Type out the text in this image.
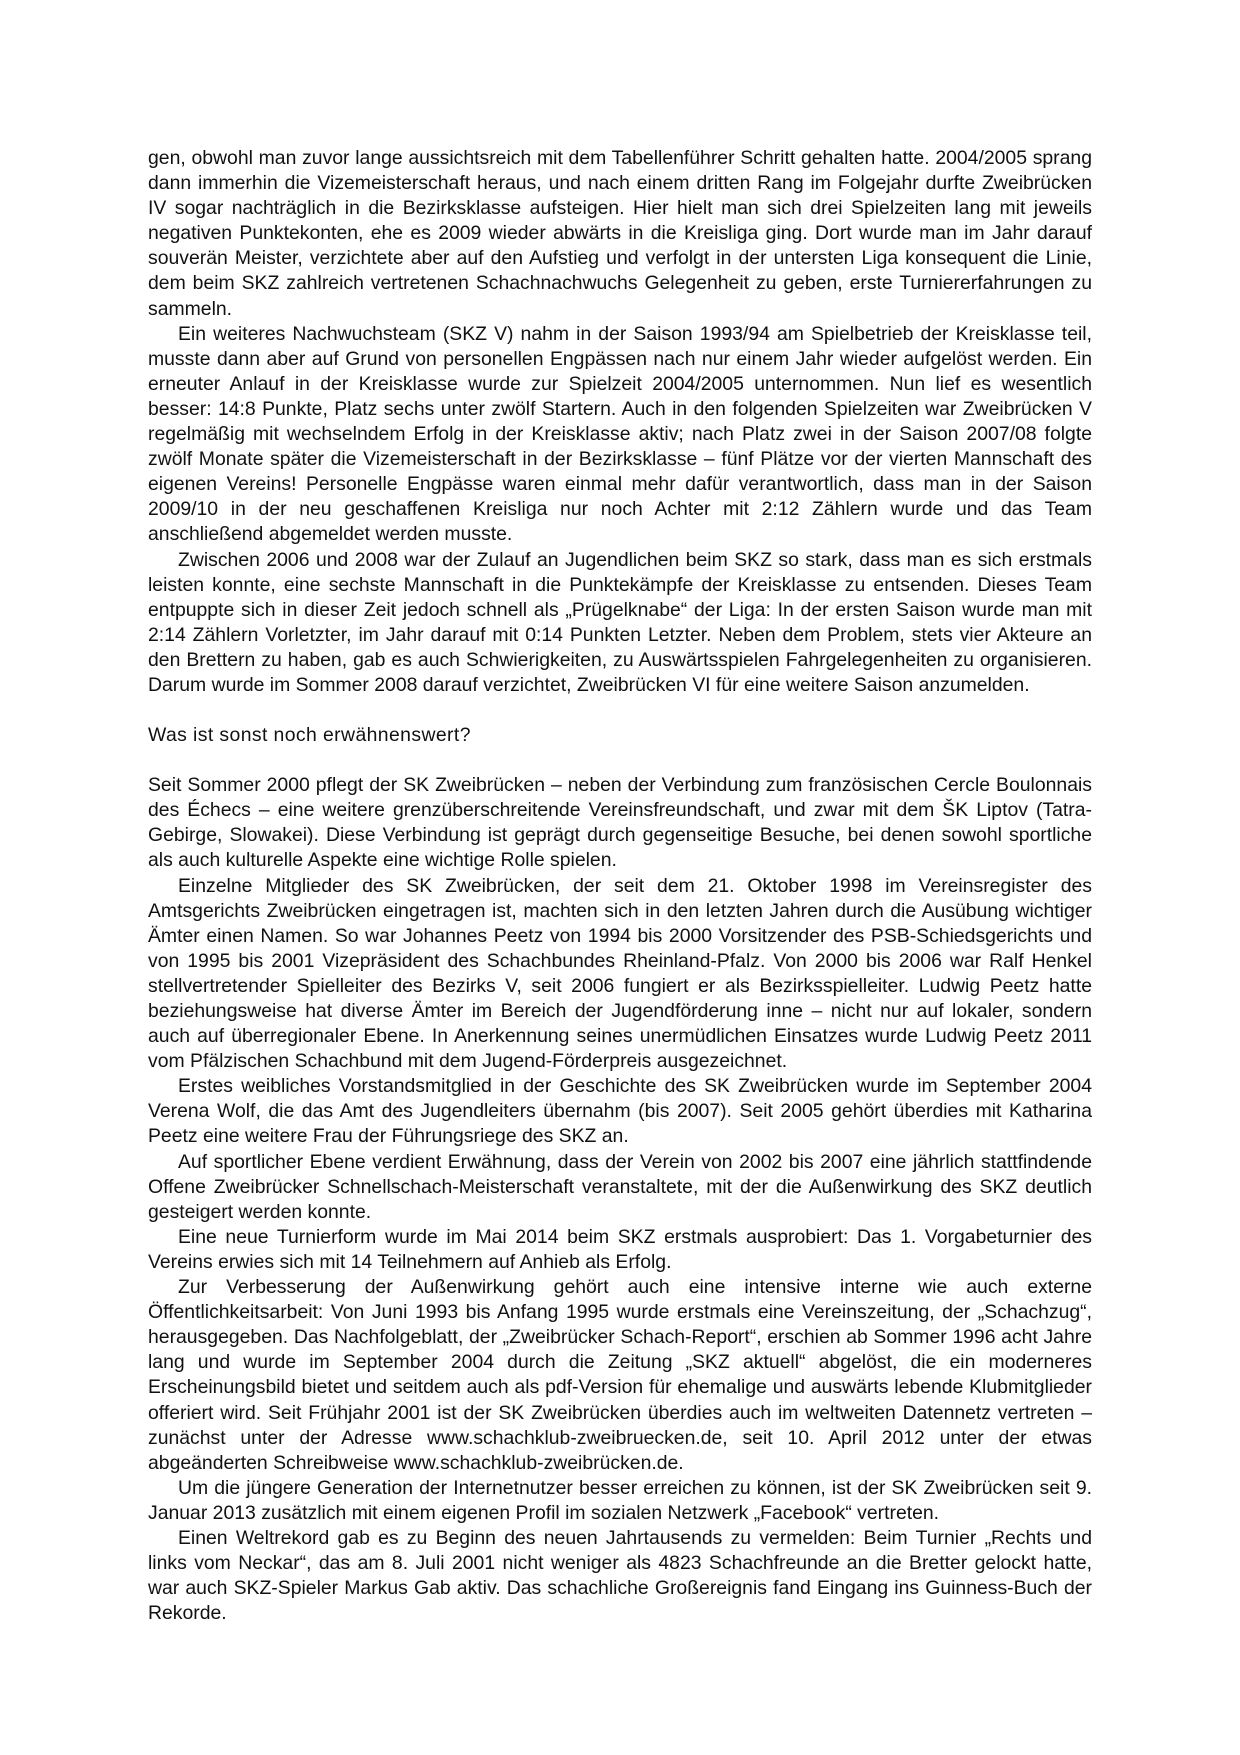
gen, obwohl man zuvor lange aussichtsreich mit dem Tabellenführer Schritt gehalten hatte. 2004/2005 sprang dann immerhin die Vizemeisterschaft heraus, und nach einem dritten Rang im Folgejahr durfte Zweibrücken IV sogar nachträglich in die Bezirksklasse aufsteigen. Hier hielt man sich drei Spielzeiten lang mit jeweils negativen Punktekonten, ehe es 2009 wieder abwärts in die Kreisliga ging. Dort wurde man im Jahr darauf souverän Meister, verzichtete aber auf den Aufstieg und verfolgt in der untersten Liga konsequent die Linie, dem beim SKZ zahlreich vertretenen Schachnachwuchs Gelegenheit zu geben, erste Turniererfahrungen zu sammeln.

Ein weiteres Nachwuchsteam (SKZ V) nahm in der Saison 1993/94 am Spielbetrieb der Kreisklasse teil, musste dann aber auf Grund von personellen Engpässen nach nur einem Jahr wieder aufgelöst werden. Ein erneuter Anlauf in der Kreisklasse wurde zur Spielzeit 2004/2005 unternommen. Nun lief es wesentlich besser: 14:8 Punkte, Platz sechs unter zwölf Startern. Auch in den folgenden Spielzeiten war Zweibrücken V regelmäßig mit wechselndem Erfolg in der Kreisklasse aktiv; nach Platz zwei in der Saison 2007/08 folgte zwölf Monate später die Vizemeisterschaft in der Bezirksklasse – fünf Plätze vor der vierten Mannschaft des eigenen Vereins! Personelle Engpässe waren einmal mehr dafür verantwortlich, dass man in der Saison 2009/10 in der neu geschaffenen Kreisliga nur noch Achter mit 2:12 Zählern wurde und das Team anschließend abgemeldet werden musste.

Zwischen 2006 und 2008 war der Zulauf an Jugendlichen beim SKZ so stark, dass man es sich erstmals leisten konnte, eine sechste Mannschaft in die Punktekämpfe der Kreisklasse zu entsenden. Dieses Team entpuppte sich in dieser Zeit jedoch schnell als „Prügelknabe“ der Liga: In der ersten Saison wurde man mit 2:14 Zählern Vorletzter, im Jahr darauf mit 0:14 Punkten Letzter. Neben dem Problem, stets vier Akteure an den Brettern zu haben, gab es auch Schwierigkeiten, zu Auswärtsspielen Fahrgelegenheiten zu organisieren. Darum wurde im Sommer 2008 darauf verzichtet, Zweibrücken VI für eine weitere Saison anzumelden.

Was ist sonst noch erwähnenswert?

Seit Sommer 2000 pflegt der SK Zweibrücken – neben der Verbindung zum französischen Cercle Boulonnais des Échecs – eine weitere grenzüberschreitende Vereinsfreundschaft, und zwar mit dem ŠK Liptov (Tatra-Gebirge, Slowakei). Diese Verbindung ist geprägt durch gegenseitige Besuche, bei denen sowohl sportliche als auch kulturelle Aspekte eine wichtige Rolle spielen.

Einzelne Mitglieder des SK Zweibrücken, der seit dem 21. Oktober 1998 im Vereinsregister des Amtsgerichts Zweibrücken eingetragen ist, machten sich in den letzten Jahren durch die Ausübung wichtiger Ämter einen Namen. So war Johannes Peetz von 1994 bis 2000 Vorsitzender des PSB-Schiedsgerichts und von 1995 bis 2001 Vizepräsident des Schachbundes Rheinland-Pfalz. Von 2000 bis 2006 war Ralf Henkel stellvertretender Spielleiter des Bezirks V, seit 2006 fungiert er als Bezirksspielleiter. Ludwig Peetz hatte beziehungsweise hat diverse Ämter im Bereich der Jugendförderung inne – nicht nur auf lokaler, sondern auch auf überregionaler Ebene. In Anerkennung seines unermüdlichen Einsatzes wurde Ludwig Peetz 2011 vom Pfälzischen Schachbund mit dem Jugend-Förderpreis ausgezeichnet.

Erstes weibliches Vorstandsmitglied in der Geschichte des SK Zweibrücken wurde im September 2004 Verena Wolf, die das Amt des Jugendleiters übernahm (bis 2007). Seit 2005 gehört überdies mit Katharina Peetz eine weitere Frau der Führungsriege des SKZ an.

Auf sportlicher Ebene verdient Erwähnung, dass der Verein von 2002 bis 2007 eine jährlich stattfindende Offene Zweibrücker Schnellschach-Meisterschaft veranstaltete, mit der die Außenwirkung des SKZ deutlich gesteigert werden konnte.

Eine neue Turnierform wurde im Mai 2014 beim SKZ erstmals ausprobiert: Das 1. Vorgabeturnier des Vereins erwies sich mit 14 Teilnehmern auf Anhieb als Erfolg.

Zur Verbesserung der Außenwirkung gehört auch eine intensive interne wie auch externe Öffentlichkeitsarbeit: Von Juni 1993 bis Anfang 1995 wurde erstmals eine Vereinszeitung, der „Schachzug“, herausgegeben. Das Nachfolgeblatt, der „Zweibrücker Schach-Report“, erschien ab Sommer 1996 acht Jahre lang und wurde im September 2004 durch die Zeitung „SKZ aktuell“ abgelöst, die ein moderneres Erscheinungsbild bietet und seitdem auch als pdf-Version für ehemalige und auswärts lebende Klubmitglieder offeriert wird. Seit Frühjahr 2001 ist der SK Zweibrücken überdies auch im weltweiten Datennetz vertreten – zunächst unter der Adresse www.schachklub-zweibruecken.de, seit 10. April 2012 unter der etwas abgeänderten Schreibweise www.schachklub-zweibrücken.de.

Um die jüngere Generation der Internetnutzer besser erreichen zu können, ist der SK Zweibrücken seit 9. Januar 2013 zusätzlich mit einem eigenen Profil im sozialen Netzwerk „Facebook“ vertreten.

Einen Weltrekord gab es zu Beginn des neuen Jahrtausends zu vermelden: Beim Turnier „Rechts und links vom Neckar“, das am 8. Juli 2001 nicht weniger als 4823 Schachfreunde an die Bretter gelockt hatte, war auch SKZ-Spieler Markus Gab aktiv. Das schachliche Großereignis fand Eingang ins Guinness-Buch der Rekorde.
